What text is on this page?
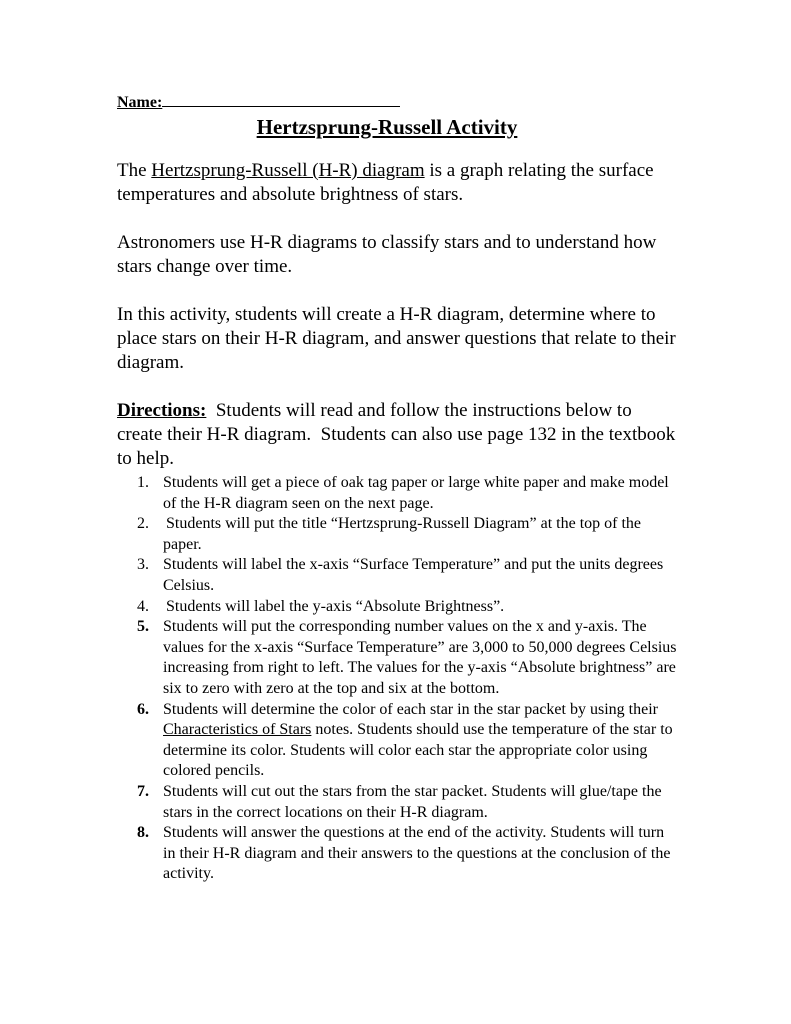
Name:
Hertzsprung-Russell Activity

The Hertzsprung-Russell (H-R) diagram is a graph relating the surface temperatures and absolute brightness of stars.

Astronomers use H-R diagrams to classify stars and to understand how stars change over time.

In this activity, students will create a H-R diagram, determine where to place stars on their H-R diagram, and answer questions that relate to their diagram.

Directions:  Students will read and follow the instructions below to create their H-R diagram.  Students can also use page 132 in the textbook to help.

1. Students will get a piece of oak tag paper or large white paper and make model of the H-R diagram seen on the next page.
2. Students will put the title “Hertzsprung-Russell Diagram” at the top of the paper.
3. Students will label the x-axis “Surface Temperature” and put the units degrees Celsius.
4. Students will label the y-axis “Absolute Brightness”.
5. Students will put the corresponding number values on the x and y-axis. The values for the x-axis “Surface Temperature” are 3,000 to 50,000 degrees Celsius increasing from right to left. The values for the y-axis “Absolute brightness” are six to zero with zero at the top and six at the bottom.
6. Students will determine the color of each star in the star packet by using their Characteristics of Stars notes. Students should use the temperature of the star to determine its color. Students will color each star the appropriate color using colored pencils.
7. Students will cut out the stars from the star packet. Students will glue/tape the stars in the correct locations on their H-R diagram.
8. Students will answer the questions at the end of the activity. Students will turn in their H-R diagram and their answers to the questions at the conclusion of the activity.
